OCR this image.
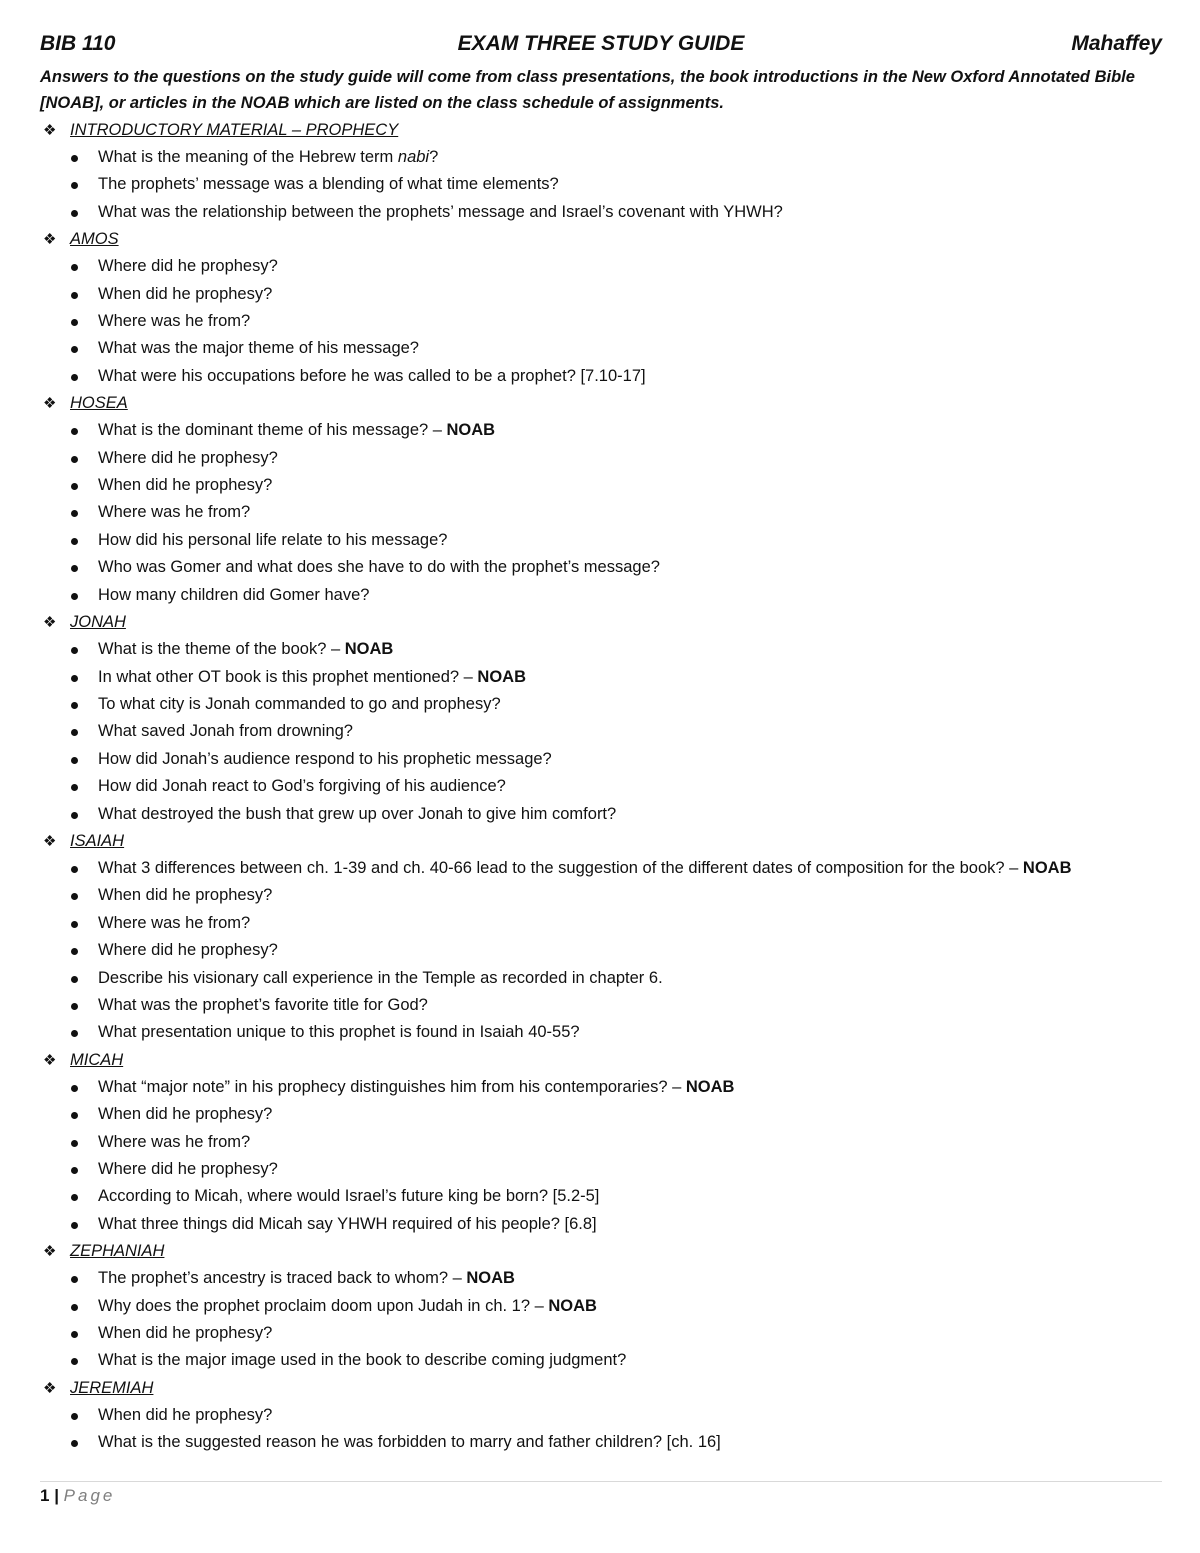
EXAM THREE STUDY GUIDE
BIB 110	Mahaffey
Answers to the questions on the study guide will come from class presentations, the book introductions in the New Oxford Annotated Bible [NOAB], or articles in the NOAB which are listed on the class schedule of assignments.
❖ INTRODUCTORY MATERIAL – PROPHECY
What is the meaning of the Hebrew term nabi?
The prophets’ message was a blending of what time elements?
What was the relationship between the prophets’ message and Israel’s covenant with YHWH?
❖ AMOS
Where did he prophesy?
When did he prophesy?
Where was he from?
What was the major theme of his message?
What were his occupations before he was called to be a prophet? [7.10-17]
❖ HOSEA
What is the dominant theme of his message? – NOAB
Where did he prophesy?
When did he prophesy?
Where was he from?
How did his personal life relate to his message?
Who was Gomer and what does she have to do with the prophet’s message?
How many children did Gomer have?
❖ JONAH
What is the theme of the book? – NOAB
In what other OT book is this prophet mentioned? – NOAB
To what city is Jonah commanded to go and prophesy?
What saved Jonah from drowning?
How did Jonah’s audience respond to his prophetic message?
How did Jonah react to God’s forgiving of his audience?
What destroyed the bush that grew up over Jonah to give him comfort?
❖ ISAIAH
What 3 differences between ch. 1-39 and ch. 40-66 lead to the suggestion of the different dates of composition for the book? – NOAB
When did he prophesy?
Where was he from?
Where did he prophesy?
Describe his visionary call experience in the Temple as recorded in chapter 6.
What was the prophet’s favorite title for God?
What presentation unique to this prophet is found in Isaiah 40-55?
❖ MICAH
What “major note” in his prophecy distinguishes him from his contemporaries? – NOAB
When did he prophesy?
Where was he from?
Where did he prophesy?
According to Micah, where would Israel’s future king be born? [5.2-5]
What three things did Micah say YHWH required of his people? [6.8]
❖ ZEPHANIAH
The prophet’s ancestry is traced back to whom? – NOAB
Why does the prophet proclaim doom upon Judah in ch. 1? – NOAB
When did he prophesy?
What is the major image used in the book to describe coming judgment?
❖ JEREMIAH
When did he prophesy?
What is the suggested reason he was forbidden to marry and father children? [ch. 16]
1 | Page
